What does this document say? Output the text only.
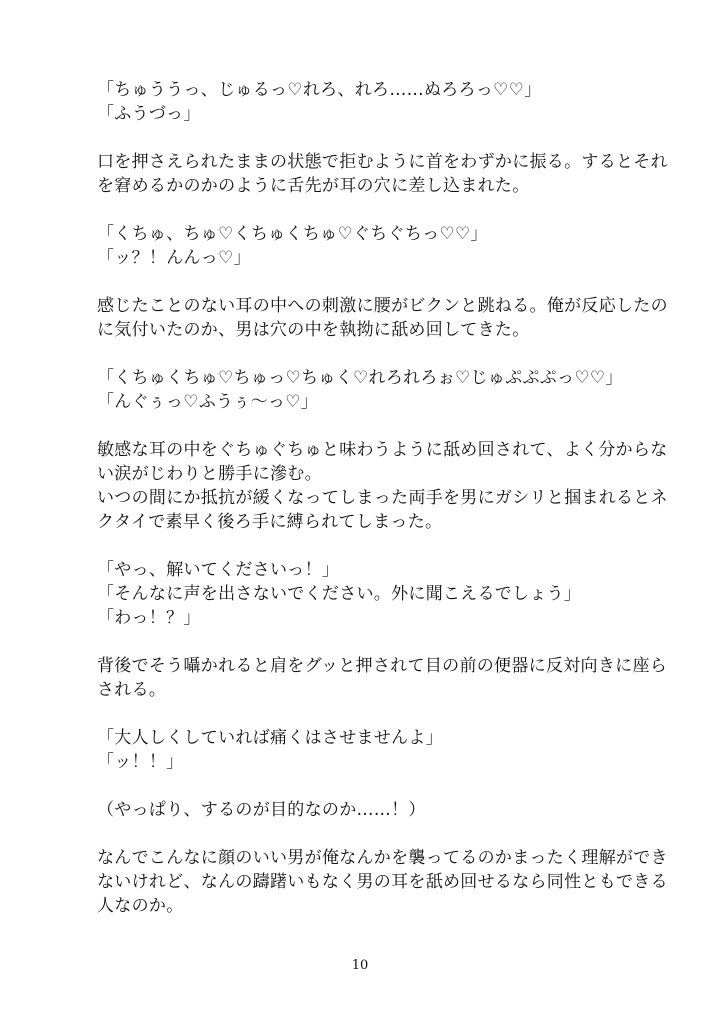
「ちゅううっ、じゅるっ♡れろ、れろ……ぬろろっ♡♡」
「ふうづっ」
口を押さえられたままの状態で拒むように首をわずかに振る。するとそれ
を窘めるかのかのように舌先が耳の穴に差し込まれた。
「くちゅ、ちゅ♡くちゅくちゅ♡ぐちぐちっ♡♡」
「ッ？！んんっ♡」
感じたことのない耳の中への刺激に腰がビクンと跳ねる。俺が反応したの
に気付いたのか、男は穴の中を執拗に舐め回してきた。
「くちゅくちゅ♡ちゅっ♡ちゅく♡れろれろぉ♡じゅぷぷぷっ♡♡」
「んぐぅっ♡ふうぅ〜っ♡」
敏感な耳の中をぐちゅぐちゅと味わうように舐め回されて、よく分からな
い涙がじわりと勝手に滲む。
いつの間にか抵抗が緩くなってしまった両手を男にガシリと掴まれるとネ
クタイで素早く後ろ手に縛られてしまった。
「やっ、解いてくださいっ！」
「そんなに声を出さないでください。外に聞こえるでしょう」
「わっ！？」
背後でそう囁かれると肩をグッと押されて目の前の便器に反対向きに座ら
される。
「大人しくしていれば痛くはさせませんよ」
「ッ！！」
（やっぱり、するのが目的なのか……！）
なんでこんなに顔のいい男が俺なんかを襲ってるのかまったく理解ができ
ないけれど、なんの躊躇いもなく男の耳を舐め回せるなら同性ともできる
人なのか。
10
